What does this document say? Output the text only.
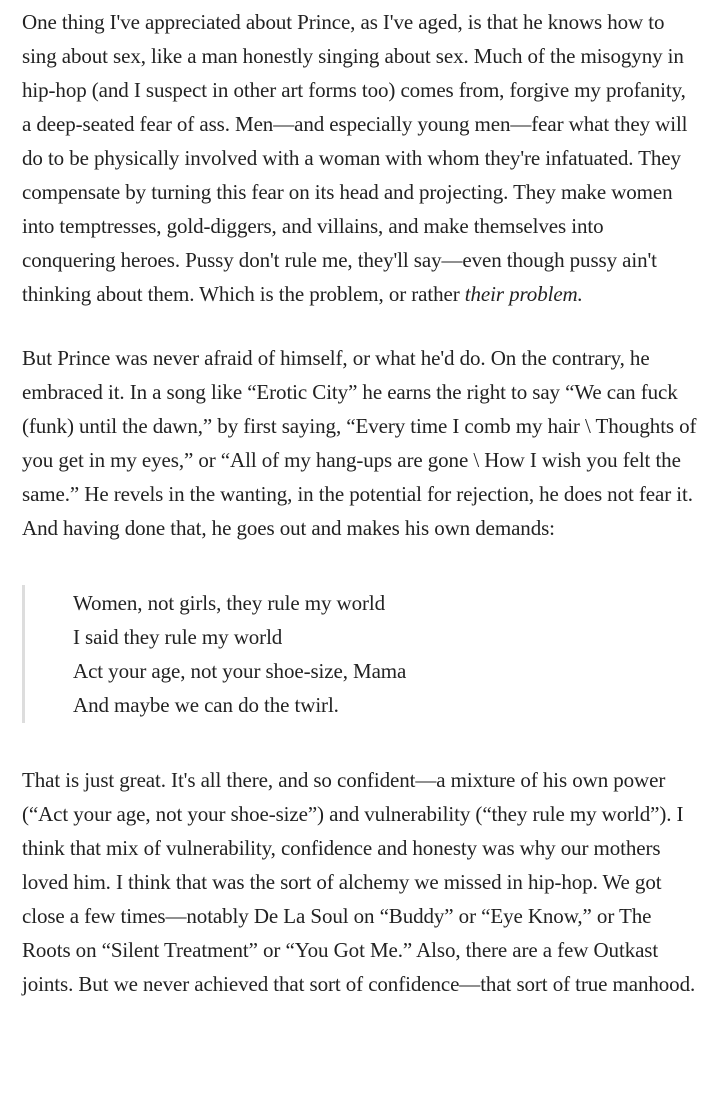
One thing I've appreciated about Prince, as I've aged, is that he knows how to sing about sex, like a man honestly singing about sex. Much of the misogyny in hip-hop (and I suspect in other art forms too) comes from, forgive my profanity, a deep-seated fear of ass. Men—and especially young men—fear what they will do to be physically involved with a woman with whom they're infatuated. They compensate by turning this fear on its head and projecting. They make women into temptresses, gold-diggers, and villains, and make themselves into conquering heroes. Pussy don't rule me, they'll say—even though pussy ain't thinking about them. Which is the problem, or rather their problem.

But Prince was never afraid of himself, or what he'd do. On the contrary, he embraced it. In a song like “Erotic City” he earns the right to say “We can fuck (funk) until the dawn,” by first saying, “Every time I comb my hair \ Thoughts of you get in my eyes,” or “All of my hang-ups are gone \ How I wish you felt the same.” He revels in the wanting, in the potential for rejection, he does not fear it. And having done that, he goes out and makes his own demands:

Women, not girls, they rule my world
I said they rule my world
Act your age, not your shoe-size, Mama
And maybe we can do the twirl.

That is just great. It's all there, and so confident—a mixture of his own power (“Act your age, not your shoe-size”) and vulnerability (“they rule my world”). I think that mix of vulnerability, confidence and honesty was why our mothers loved him. I think that was the sort of alchemy we missed in hip-hop. We got close a few times—notably De La Soul on “Buddy” or “Eye Know,” or The Roots on “Silent Treatment” or “You Got Me.” Also, there are a few Outkast joints. But we never achieved that sort of confidence—that sort of true manhood.
